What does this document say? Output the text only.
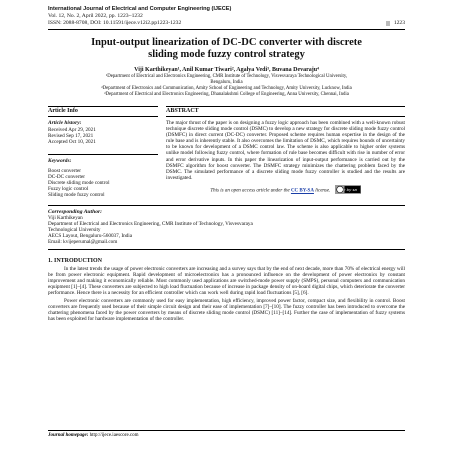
International Journal of Electrical and Computer Engineering (IJECE)
Vol. 12, No. 2, April 2022, pp. 1223~1232
ISSN: 2088-8708, DOI: 10.11591/ijece.v12i2.pp1223-1232	1223
Input-output linearization of DC-DC converter with discrete sliding mode fuzzy control strategy
Viji Karthikeyan¹, Anil Kumar Tiwari², Agalya Vedi³, Buvana Devaraju⁴
¹Department of Electrical and Electronics Engineering, CMR Institute of Technology, Visvesvaraya Technological University,
Bengaluru, India
²Department of Electronics and Communication, Amity School of Engineering and Technology, Amity University, Lucknow, India
³Department of Electrical and Electronics Engineering, Dhanalakshmi College of Engineering, Anna University, Chennai, India
Article Info
Article history:
Received Apr 29, 2021
Revised Sep 17, 2021
Accepted Oct 10, 2021
Keywords:
Boost converter
DC-DC converter
Discrete sliding mode control
Fuzzy logic control
Sliding mode fuzzy control
ABSTRACT
The major thrust of the paper is on designing a fuzzy logic approach has been combined with a well-known robust technique discrete sliding mode control (DSMC) to develop a new strategy for discrete sliding mode fuzzy control (DSMFC) in direct current (DC-DC) converter. Proposed scheme requires human expertise in the design of the rule base and is inherently stable. It also overcomes the limitation of DSMC, which requires bounds of uncertainty to be known for development of a DSMC control law. The scheme is also applicable to higher order systems unlike model following fuzzy control, where formation of rule base becomes difficult with rise in number of error and error derivative inputs. In this paper the linearization of input-output performance is carried out by the DSMFC algorithm for boost converter. The DSMFC strategy minimizes the chattering problem faced by the DSMC. The simulated performance of a discrete sliding mode fuzzy controller is studied and the results are investigated.
This is an open access article under the CC BY-SA license.	cc by sa
Corresponding Author:
Viji Karthikeyan
Department of Electrical and Electronics Engineering, CMR Institute of Technology, Visvesvaraya
Technological University
AECS Layout, Bengaluru-560037, India
Email: kvijeperumal@gmail.com
1. INTRODUCTION

In the latest trends the usage of power electronic converters are increasing and a survey says that by the end of next decade, more than 70% of electrical energy will be from power electronic equipment. Rapid development of microelectronics has a pronounced influence on the development of power electronics by constant improvement and making it economically reliable. Most commonly used applications are switched-mode power supply (SMPS), personal computers and communication equipment [1]–[4]. These converters are subjected to high load fluctuation because of increase in package density of on-board digital chips, which deteriorate the converter performance. Hence there is a necessity for an efficient controller which can work well during rapid load fluctuations [5], [6].

Power electronic converters are commonly used for easy implementation, high efficiency, improved power factor, compact size, and flexibility in control. Boost converters are frequently used because of their simple circuit design and their ease of implementation [7]–[10]. The fuzzy controller has been introduced to overcome the chattering phenomena faced by the power converters by means of discrete sliding mode control (DSMC) [11]–[14]. Further the case of implementation of fuzzy systems has been exploited for hardware implementation of the controller.

Journal homepage: http://ijece.iaescore.com
